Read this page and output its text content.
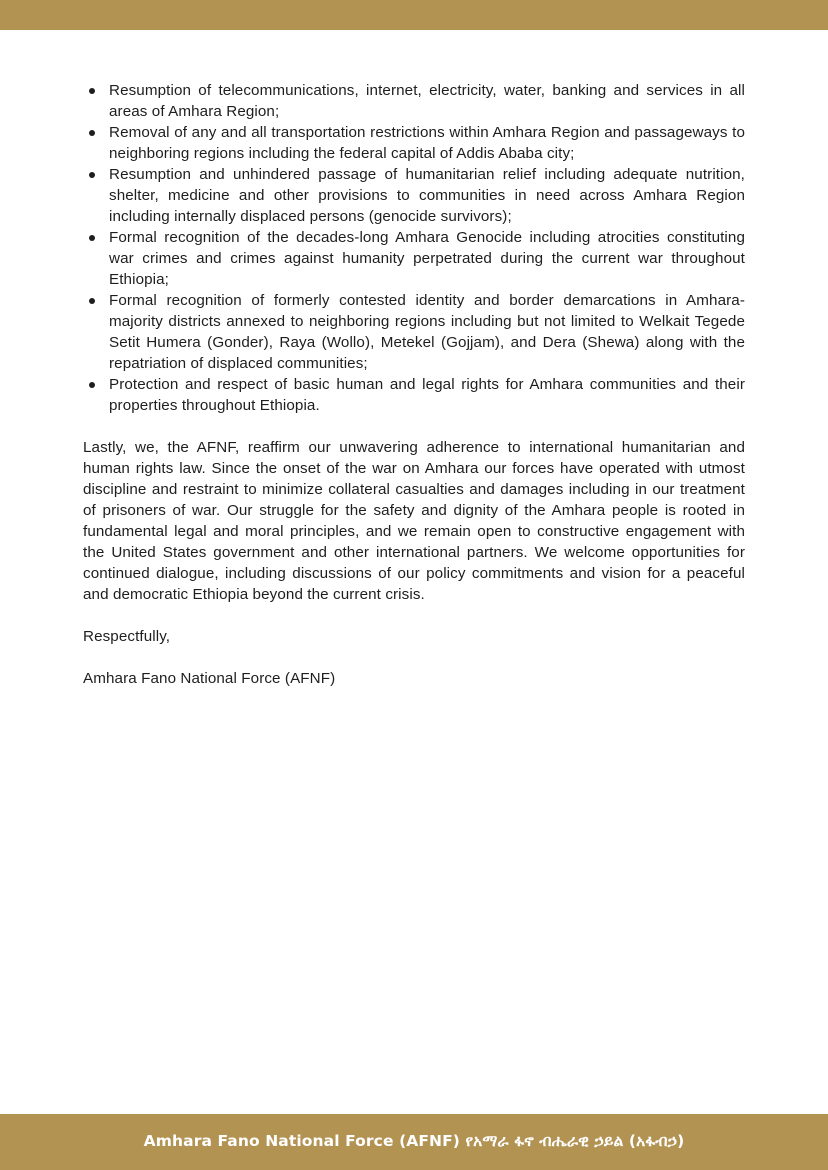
Resumption of telecommunications, internet, electricity, water, banking and services in all areas of Amhara Region;
Removal of any and all transportation restrictions within Amhara Region and passageways to neighboring regions including the federal capital of Addis Ababa city;
Resumption and unhindered passage of humanitarian relief including adequate nutrition, shelter, medicine and other provisions to communities in need across Amhara Region including internally displaced persons (genocide survivors);
Formal recognition of the decades-long Amhara Genocide including atrocities constituting war crimes and crimes against humanity perpetrated during the current war throughout Ethiopia;
Formal recognition of formerly contested identity and border demarcations in Amhara-majority districts annexed to neighboring regions including but not limited to Welkait Tegede Setit Humera (Gonder), Raya (Wollo), Metekel (Gojjam), and Dera (Shewa) along with the repatriation of displaced communities;
Protection and respect of basic human and legal rights for Amhara communities and their properties throughout Ethiopia.

Lastly, we, the AFNF, reaffirm our unwavering adherence to international humanitarian and human rights law. Since the onset of the war on Amhara our forces have operated with utmost discipline and restraint to minimize collateral casualties and damages including in our treatment of prisoners of war. Our struggle for the safety and dignity of the Amhara people is rooted in fundamental legal and moral principles, and we remain open to constructive engagement with the United States government and other international partners. We welcome opportunities for continued dialogue, including discussions of our policy commitments and vision for a peaceful and democratic Ethiopia beyond the current crisis.

Respectfully,

Amhara Fano National Force (AFNF)

Amhara Fano National Force (AFNF) የአማራ ፋኖ ብሔራዊ ኃይል (አፋብኃ)
